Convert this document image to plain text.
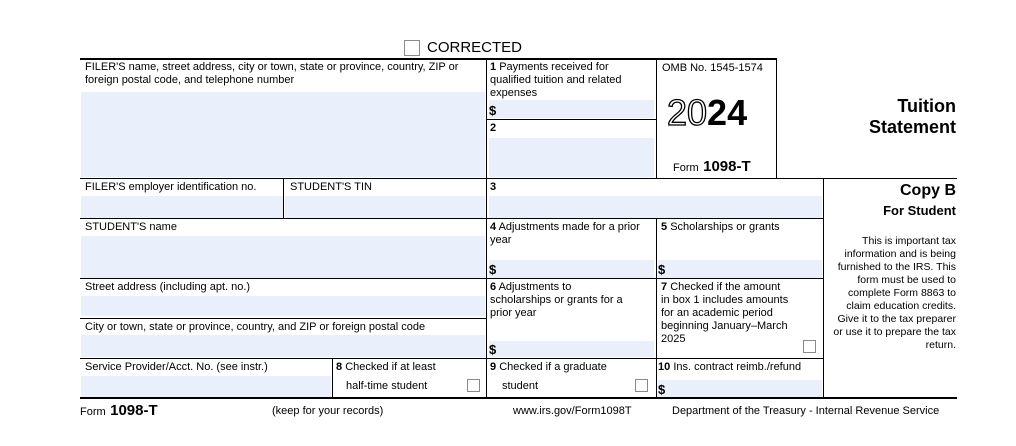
CORRECTED
FILER'S name, street address, city or town, state or province, country, ZIP or foreign postal code, and telephone number
FILER'S employer identification no.	STUDENT'S TIN
STUDENT'S name
Street address (including apt. no.)
City or town, state or province, country, and ZIP or foreign postal code
Service Provider/Acct. No. (see instr.)
1 Payments received for qualified tuition and related expenses
$
2
OMB No. 1545-1574
2024
Form 1098-T
Tuition
Statement
3
4 Adjustments made for a prior year
$
5 Scholarships or grants
$
6 Adjustments to scholarships or grants for a prior year
$
7 Checked if the amount in box 1 includes amounts for an academic period beginning January–March 2025
8 Checked if at least
half-time student
9 Checked if a graduate
student
10 Ins. contract reimb./refund
$
Copy B
For Student
This is important tax information and is being furnished to the IRS. This form must be used to complete Form 8863 to claim education credits. Give it to the tax preparer or use it to prepare the tax return.
Form 1098-T	(keep for your records)	www.irs.gov/Form1098T	Department of the Treasury - Internal Revenue Service
